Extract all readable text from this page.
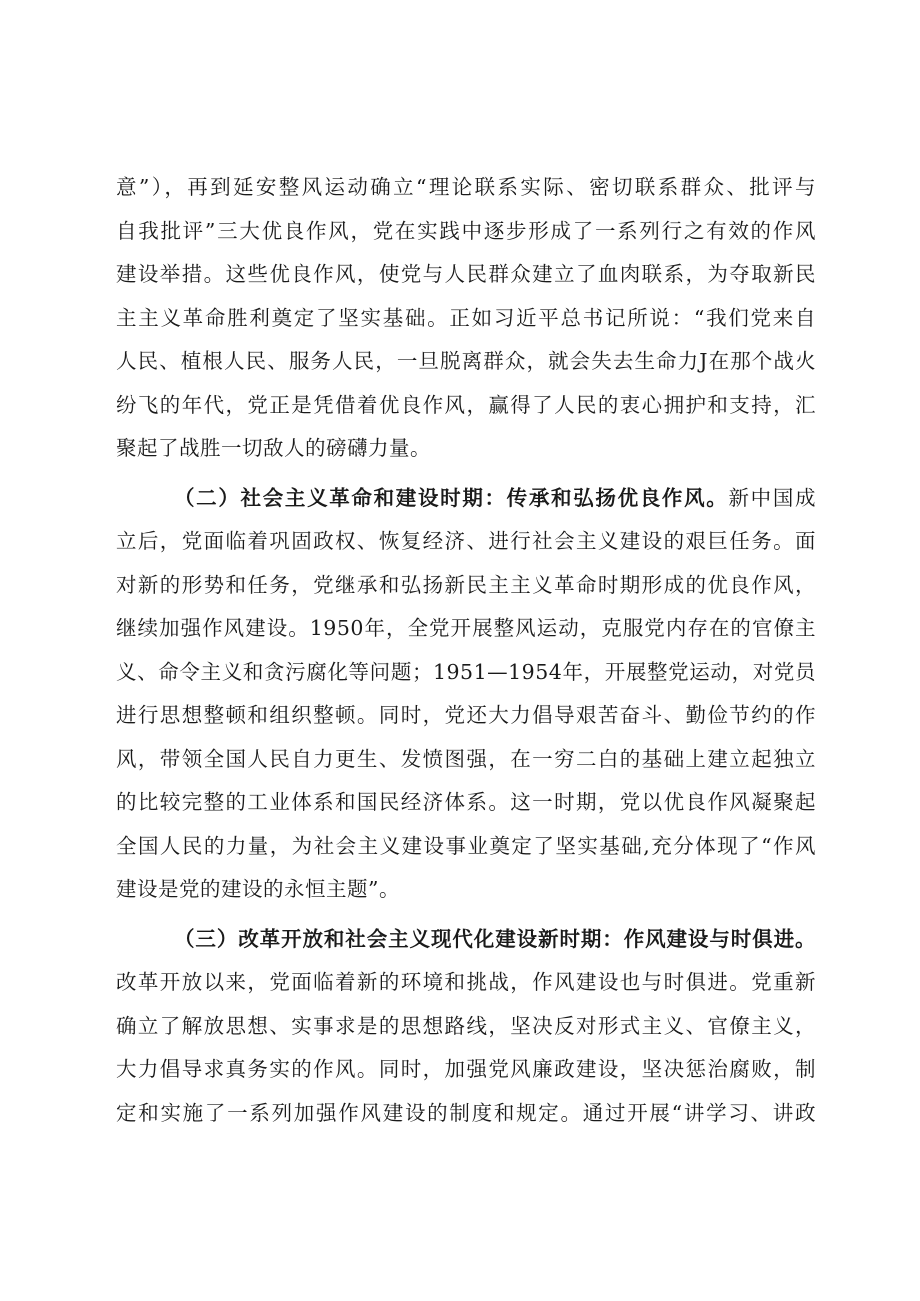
意”），再到延安整风运动确立“理论联系实际、密切联系群众、批评与
自我批评”三大优良作风，党在实践中逐步形成了一系列行之有效的作风
建设举措。这些优良作风，使党与人民群众建立了血肉联系，为夺取新民
主主义革命胜利奠定了坚实基础。正如习近平总书记所说：“我们党来自
人民、植根人民、服务人民，一旦脱离群众，就会失去生命力J在那个战火
纷飞的年代，党正是凭借着优良作风，赢得了人民的衷心拥护和支持，汇
聚起了战胜一切敌人的磅礴力量。
（二）社会主义革命和建设时期：传承和弘扬优良作风。新中国成
立后，党面临着巩固政权、恢复经济、进行社会主义建设的艰巨任务。面
对新的形势和任务，党继承和弘扬新民主主义革命时期形成的优良作风，
继续加强作风建设。1950年，全党开展整风运动，克服党内存在的官僚主
义、命令主义和贪污腐化等问题；1951—1954年，开展整党运动，对党员
进行思想整顿和组织整顿。同时，党还大力倡导艰苦奋斗、勤俭节约的作
风，带领全国人民自力更生、发愤图强，在一穷二白的基础上建立起独立
的比较完整的工业体系和国民经济体系。这一时期，党以优良作风凝聚起
全国人民的力量，为社会主义建设事业奠定了坚实基础,充分体现了“作风
建设是党的建设的永恒主题”。
（三）改革开放和社会主义现代化建设新时期：作风建设与时俱进。
改革开放以来，党面临着新的环境和挑战，作风建设也与时俱进。党重新
确立了解放思想、实事求是的思想路线，坚决反对形式主义、官僚主义，
大力倡导求真务实的作风。同时，加强党风廉政建设，坚决惩治腐败，制
定和实施了一系列加强作风建设的制度和规定。通过开展“讲学习、讲政
